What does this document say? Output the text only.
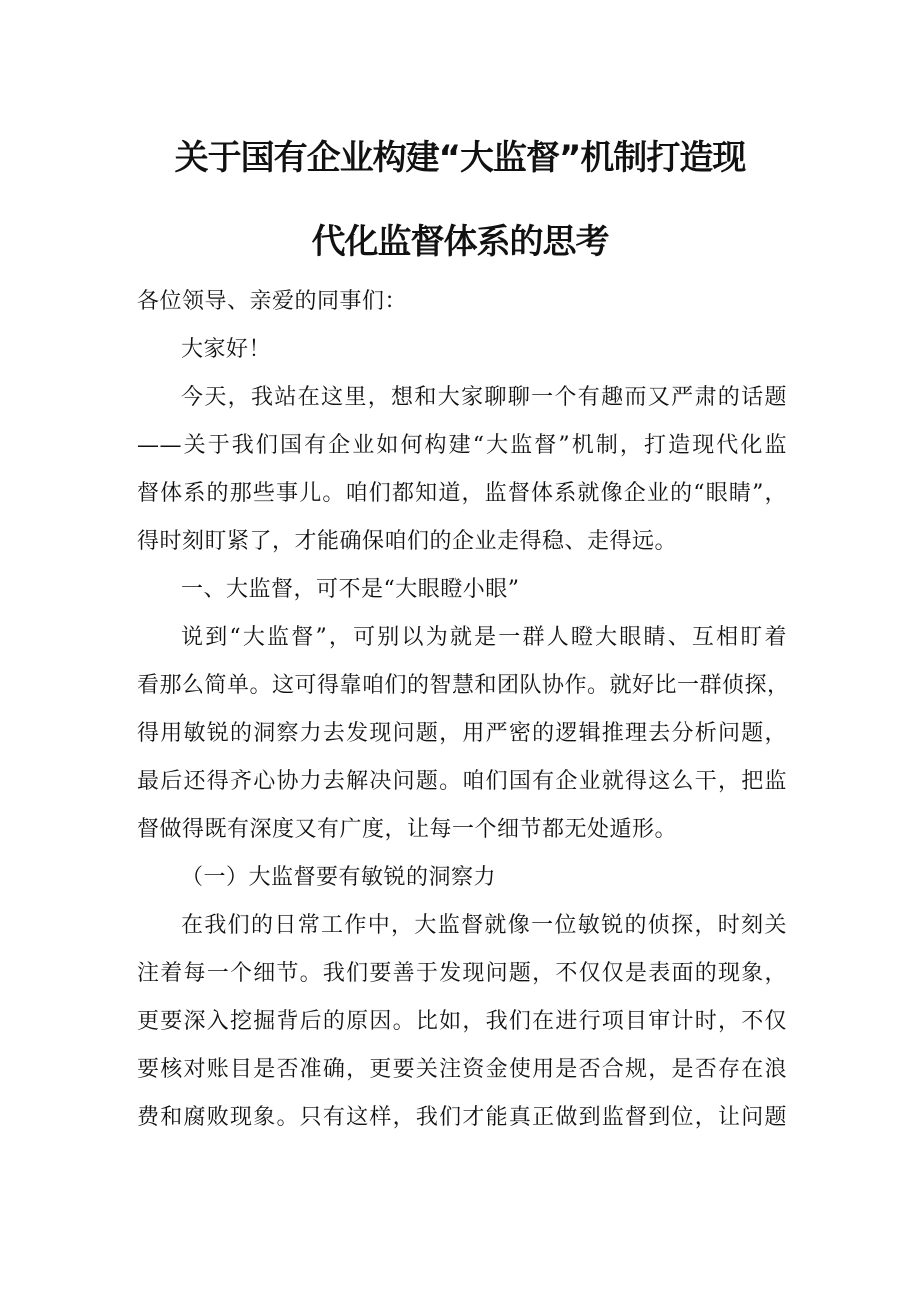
关于国有企业构建“大监督”机制打造现
代化监督体系的思考
各位领导、亲爱的同事们：
大家好！
今天，我站在这里，想和大家聊聊一个有趣而又严肃的话题
——关于我们国有企业如何构建“大监督”机制，打造现代化监
督体系的那些事儿。咱们都知道，监督体系就像企业的“眼睛”，
得时刻盯紧了，才能确保咱们的企业走得稳、走得远。
一、大监督，可不是“大眼瞪小眼”
说到“大监督”，可别以为就是一群人瞪大眼睛、互相盯着
看那么简单。这可得靠咱们的智慧和团队协作。就好比一群侦探，
得用敏锐的洞察力去发现问题，用严密的逻辑推理去分析问题，
最后还得齐心协力去解决问题。咱们国有企业就得这么干，把监
督做得既有深度又有广度，让每一个细节都无处遁形。
（一）大监督要有敏锐的洞察力
在我们的日常工作中，大监督就像一位敏锐的侦探，时刻关
注着每一个细节。我们要善于发现问题，不仅仅是表面的现象，
更要深入挖掘背后的原因。比如，我们在进行项目审计时，不仅
要核对账目是否准确，更要关注资金使用是否合规，是否存在浪
费和腐败现象。只有这样，我们才能真正做到监督到位，让问题
